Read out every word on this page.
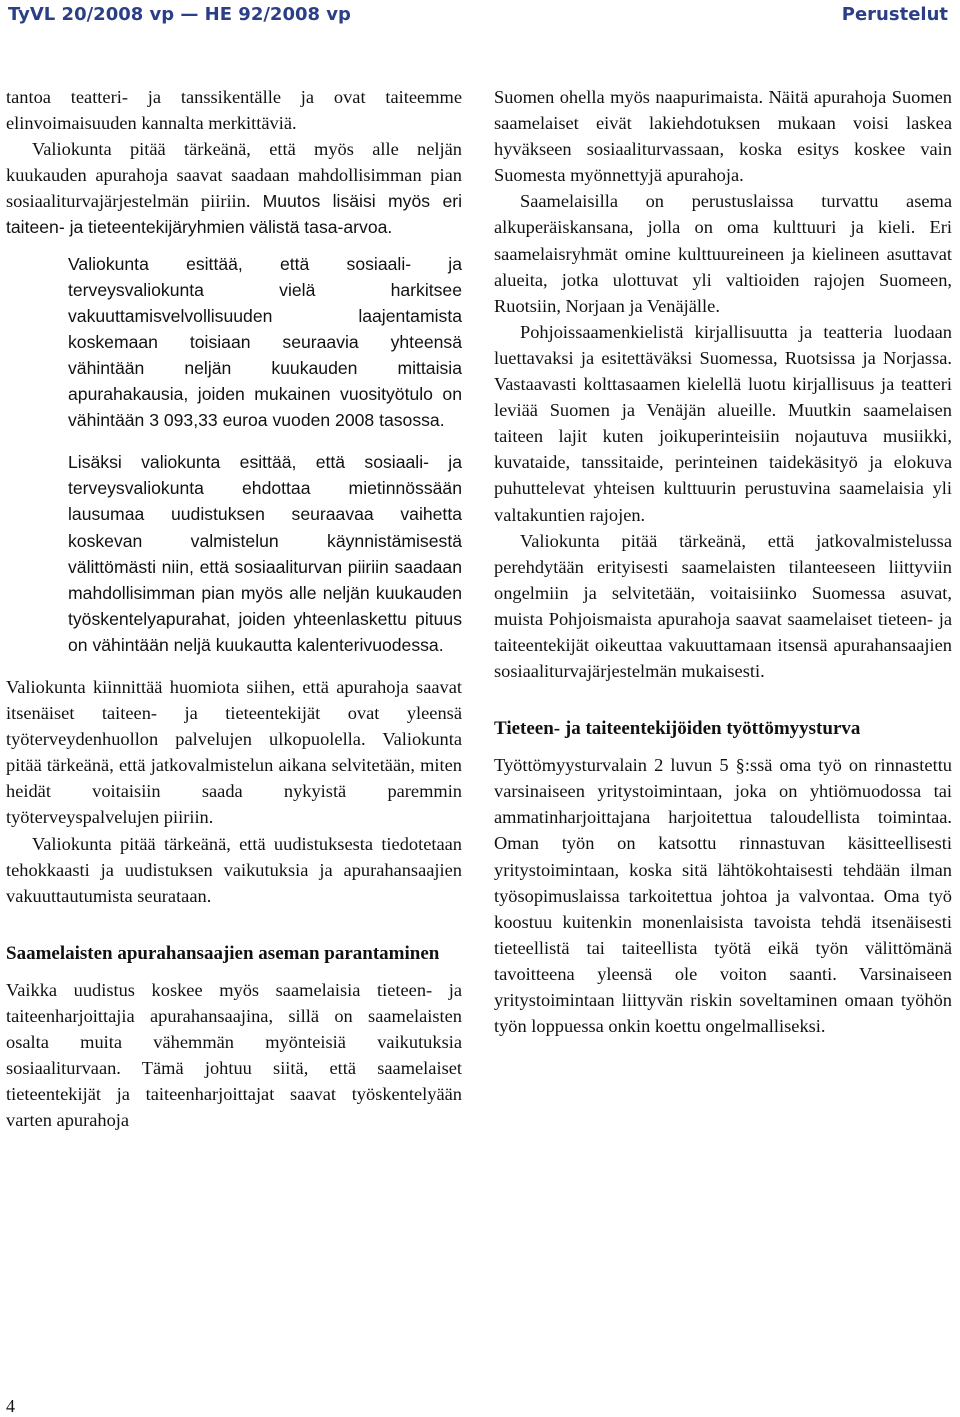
TyVL 20/2008 vp — HE 92/2008 vp	Perustelut

tantoa teatteri- ja tanssikentälle ja ovat taiteemme elinvoimaisuuden kannalta merkittäviä.

Valiokunta pitää tärkeänä, että myös alle neljän kuukauden apurahoja saavat saadaan mahdollisimman pian sosiaaliturvajärjestelmän piiriin. Muutos lisäisi myös eri taiteen- ja tieteentekijäryhmien välistä tasa-arvoa.

Valiokunta esittää, että sosiaali- ja terveysvaliokunta vielä harkitsee vakuuttamisvelvollisuuden laajentamista koskemaan toisiaan seuraavia yhteensä vähintään neljän kuukauden mittaisia apurahakausia, joiden mukainen vuosityötulo on vähintään 3 093,33 euroa vuoden 2008 tasossa.

Lisäksi valiokunta esittää, että sosiaali- ja terveysvaliokunta ehdottaa mietinnössään lausumaa uudistuksen seuraavaa vaihetta koskevan valmistelun käynnistämisestä välittömästi niin, että sosiaaliturvan piiriin saadaan mahdollisimman pian myös alle neljän kuukauden työskentelyapurahat, joiden yhteenlaskettu pituus on vähintään neljä kuukautta kalenterivuodessa.

Valiokunta kiinnittää huomiota siihen, että apurahoja saavat itsenäiset taiteen- ja tieteentekijät ovat yleensä työterveydenhuollon palvelujen ulkopuolella. Valiokunta pitää tärkeänä, että jatkovalmistelun aikana selvitetään, miten heidät voitaisiin saada nykyistä paremmin työterveyspalvelujen piiriin.

Valiokunta pitää tärkeänä, että uudistuksesta tiedotetaan tehokkaasti ja uudistuksen vaikutuksia ja apurahansaajien vakuuttautumista seurataan.

Saamelaisten apurahansaajien aseman parantaminen

Vaikka uudistus koskee myös saamelaisia tieteen- ja taiteenharjoittajia apurahansaajina, sillä on saamelaisten osalta muita vähemmän myönteisiä vaikutuksia sosiaaliturvaan. Tämä johtuu siitä, että saamelaiset tieteentekijät ja taiteenharjoittajat saavat työskentelyään varten apurahoja

Suomen ohella myös naapurimaista. Näitä apurahoja Suomen saamelaiset eivät lakiehdotuksen mukaan voisi laskea hyväkseen sosiaaliturvassaan, koska esitys koskee vain Suomesta myönnettyjä apurahoja.

Saamelaisilla on perustuslaissa turvattu asema alkuperäiskansana, jolla on oma kulttuuri ja kieli. Eri saamelaisryhmät omine kulttuureineen ja kielineen asuttavat alueita, jotka ulottuvat yli valtioiden rajojen Suomeen, Ruotsiin, Norjaan ja Venäjälle.

Pohjoissaamenkielistä kirjallisuutta ja teatteria luodaan luettavaksi ja esitettäväksi Suomessa, Ruotsissa ja Norjassa. Vastaavasti kolttasaamen kielellä luotu kirjallisuus ja teatteri leviää Suomen ja Venäjän alueille. Muutkin saamelaisen taiteen lajit kuten joikuperinteisiin nojautuva musiikki, kuvataide, tanssitaide, perinteinen taidekäsityö ja elokuva puhuttelevat yhteisen kulttuurin perustuvina saamelaisia yli valtakuntien rajojen.

Valiokunta pitää tärkeänä, että jatkovalmistelussa perehdytään erityisesti saamelaisten tilanteeseen liittyviin ongelmiin ja selvitetään, voitaisiinko Suomessa asuvat, muista Pohjoismaista apurahoja saavat saamelaiset tieteen- ja taiteentekijät oikeuttaa vakuuttamaan itsensä apurahansaajien sosiaaliturvajärjestelmän mukaisesti.

Tieteen- ja taiteentekijöiden työttömyysturva

Työttömyysturvalain 2 luvun 5 §:ssä oma työ on rinnastettu varsinaiseen yritystoimintaan, joka on yhtiömuodossa tai ammatinharjoittajana harjoitettua taloudellista toimintaa. Oman työn on katsottu rinnastuvan käsitteellisesti yritystoimintaan, koska sitä lähtökohtaisesti tehdään ilman työsopimuslaissa tarkoitettua johtoa ja valvontaa. Oma työ koostuu kuitenkin monenlaisista tavoista tehdä itsenäisesti tieteellistä tai taiteellista työtä eikä työn välittömänä tavoitteena yleensä ole voiton saanti. Varsinaiseen yritystoimintaan liittyvän riskin soveltaminen omaan työhön työn loppuessa onkin koettu ongelmalliseksi.

4
